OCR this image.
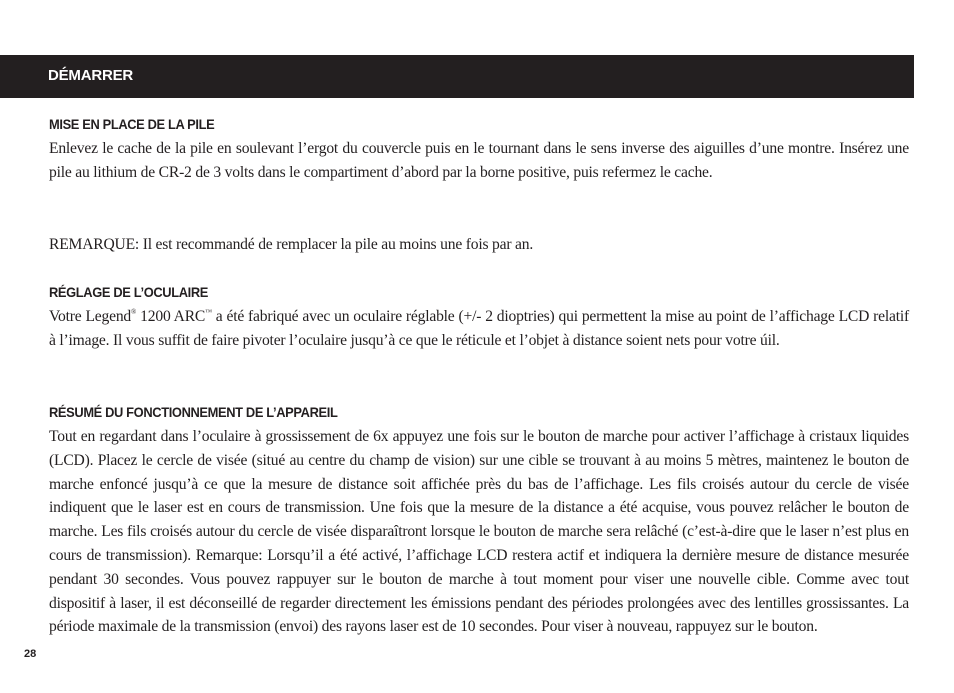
DÉMARRER
MISE EN PLACE DE LA PILE

Enlevez le cache de la pile en soulevant l’ergot du couvercle puis en le tournant dans le sens inverse des aiguilles d’une montre. Insérez une pile au lithium de CR-2 de 3 volts dans le compartiment d’abord par la borne positive, puis refermez le cache.

REMARQUE: Il est recommandé de remplacer la pile au moins une fois par an.

RÉGLAGE DE L’OCULAIRE

Votre Legend® 1200 ARC™ a été fabriqué avec un oculaire réglable (+/- 2 dioptries) qui permettent la mise au point de l’affichage LCD relatif à l’image. Il vous suffit de faire pivoter l’oculaire jusqu’à ce que le réticule et l’objet à distance soient nets pour votre úil.

RÉSUMÉ DU FONCTIONNEMENT DE L’APPAREIL

Tout en regardant dans l’oculaire à grossissement de 6x appuyez une fois sur le bouton de marche pour activer l’affichage à cristaux liquides (LCD). Placez le cercle de visée (situé au centre du champ de vision) sur une cible se trouvant à au moins 5 mètres, maintenez le bouton de marche enfoncé jusqu’à ce que la mesure de distance soit affichée près du bas de l’affichage. Les fils croisés autour du cercle de visée indiquent que le laser est en cours de transmission. Une fois que la mesure de la distance a été acquise, vous pouvez relâcher le bouton de marche. Les fils croisés autour du cercle de visée disparaîtront lorsque le bouton de marche sera relâché (c’est-à-dire que le laser n’est plus en cours de transmission). Remarque: Lorsqu’il a été activé, l’affichage LCD restera actif et indiquera la dernière mesure de distance mesurée pendant 30 secondes. Vous pouvez rappuyer sur le bouton de marche à tout moment pour viser une nouvelle cible. Comme avec tout dispositif à laser, il est déconseillé de regarder directement les émissions pendant des périodes prolongées avec des lentilles grossissantes. La période maximale de la transmission (envoi) des rayons laser est de 10 secondes. Pour viser à nouveau, rappuyez sur le bouton.

28
